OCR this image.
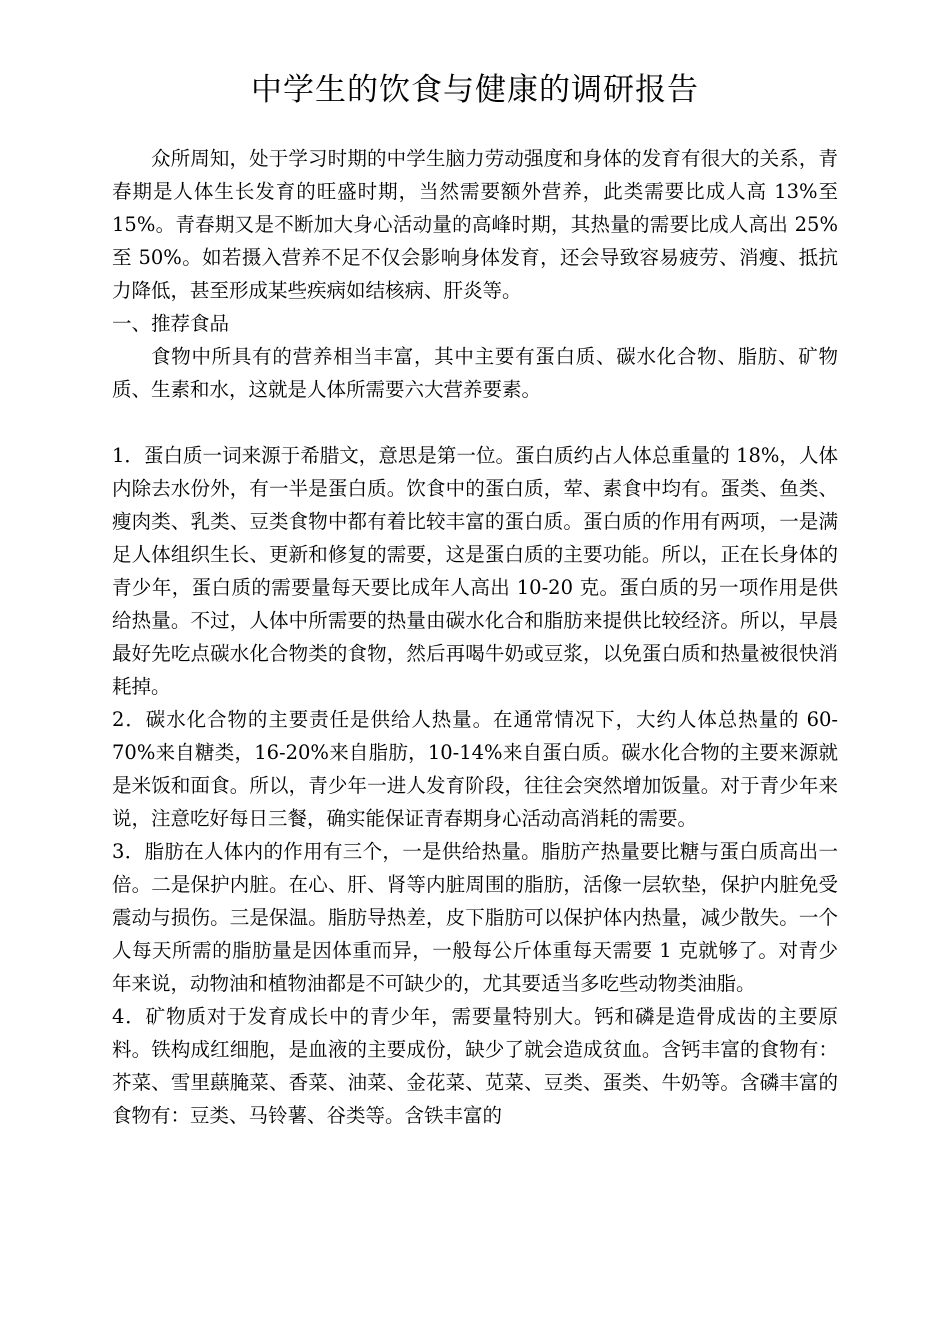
中学生的饮食与健康的调研报告

众所周知，处于学习时期的中学生脑力劳动强度和身体的发育有很大的关系，青春期是人体生长发育的旺盛时期，当然需要额外营养，此类需要比成人高 13%至 15%。青春期又是不断加大身心活动量的高峰时期，其热量的需要比成人高出 25%至 50%。如若摄入营养不足不仅会影响身体发育，还会导致容易疲劳、消瘦、抵抗力降低，甚至形成某些疾病如结核病、肝炎等。

一、推荐食品

食物中所具有的营养相当丰富，其中主要有蛋白质、碳水化合物、脂肪、矿物质、生素和水，这就是人体所需要六大营养要素。

1．蛋白质一词来源于希腊文，意思是第一位。蛋白质约占人体总重量的 18%，人体内除去水份外，有一半是蛋白质。饮食中的蛋白质，荤、素食中均有。蛋类、鱼类、瘦肉类、乳类、豆类食物中都有着比较丰富的蛋白质。蛋白质的作用有两项，一是满足人体组织生长、更新和修复的需要，这是蛋白质的主要功能。所以，正在长身体的青少年，蛋白质的需要量每天要比成年人高出 10-20 克。蛋白质的另一项作用是供给热量。不过，人体中所需要的热量由碳水化合和脂肪来提供比较经济。所以，早晨最好先吃点碳水化合物类的食物，然后再喝牛奶或豆浆，以免蛋白质和热量被很快消耗掉。

2．碳水化合物的主要责任是供给人热量。在通常情况下，大约人体总热量的 60-70%来自糖类，16-20%来自脂肪，10-14%来自蛋白质。碳水化合物的主要来源就是米饭和面食。所以，青少年一进人发育阶段，往往会突然增加饭量。对于青少年来说，注意吃好每日三餐，确实能保证青春期身心活动高消耗的需要。

3．脂肪在人体内的作用有三个，一是供给热量。脂肪产热量要比糖与蛋白质高出一倍。二是保护内脏。在心、肝、肾等内脏周围的脂肪，活像一层软垫，保护内脏免受震动与损伤。三是保温。脂肪导热差，皮下脂肪可以保护体内热量，减少散失。一个人每天所需的脂肪量是因体重而异，一般每公斤体重每天需要 1 克就够了。对青少年来说，动物油和植物油都是不可缺少的，尤其要适当多吃些动物类油脂。

4．矿物质对于发育成长中的青少年，需要量特别大。钙和磷是造骨成齿的主要原料。铁构成红细胞，是血液的主要成份，缺少了就会造成贫血。含钙丰富的食物有：芥菜、雪里蕻腌菜、香菜、油菜、金花菜、苋菜、豆类、蛋类、牛奶等。含磷丰富的食物有：豆类、马铃薯、谷类等。含铁丰富的
